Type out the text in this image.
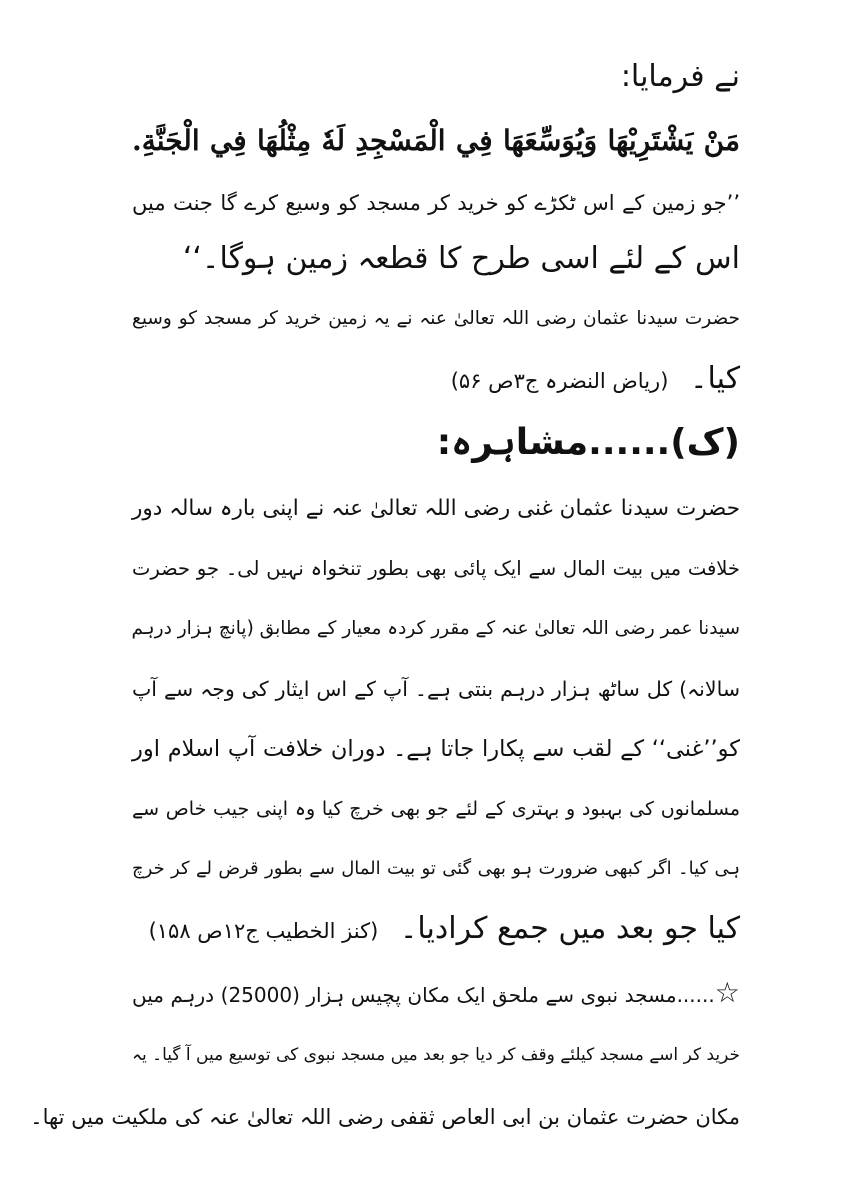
نے فرمایا:
مَنْ يَشْتَرِيْهَا وَيُوَسِّعَهَا فِي الْمَسْجِدِ لَهٗ مِثْلُهَا فِي الْجَنَّةِ.
’’جو زمین کے اس ٹکڑے کو خرید کر مسجد کو وسیع کرے گا جنت میں
اس کے لئے اسی طرح کا قطعہ زمین ہوگا۔‘‘
حضرت سیدنا عثمان رضی اللہ تعالیٰ عنہ نے یہ زمین خرید کر مسجد کو وسیع
کیا۔ (ریاض النضرہ ج۳ص ۵۶)
(ک)......مشاہرہ:
حضرت سیدنا عثمان غنی رضی اللہ تعالیٰ عنہ نے اپنی بارہ سالہ دور
خلافت میں بیت المال سے ایک پائی بھی بطور تنخواہ نہیں لی۔ جو حضرت
سیدنا عمر رضی اللہ تعالیٰ عنہ کے مقرر کردہ معیار کے مطابق (پانچ ہزار درہم
سالانہ) کل ساٹھ ہزار درہم بنتی ہے۔ آپ کے اس ایثار کی وجہ سے آپ
کو’’غنی‘‘ کے لقب سے پکارا جاتا ہے۔ دوران خلافت آپ اسلام اور
مسلمانوں کی بہبود و بہتری کے لئے جو بھی خرچ کیا وہ اپنی جیب خاص سے
ہی کیا۔ اگر کبھی ضرورت ہو بھی گئی تو بیت المال سے بطور قرض لے کر خرچ
کیا جو بعد میں جمع کرادیا۔ (کنز الخطیب ج۱۲ص ۱۵۸)
☆......مسجد نبوی سے ملحق ایک مکان پچیس ہزار (25000) درہم میں
خرید کر اسے مسجد کیلئے وقف کر دیا جو بعد میں مسجد نبوی کی توسیع میں آ گیا۔ یہ
مکان حضرت عثمان بن ابی العاص ثقفی رضی اللہ تعالیٰ عنہ کی ملکیت میں تھا۔
